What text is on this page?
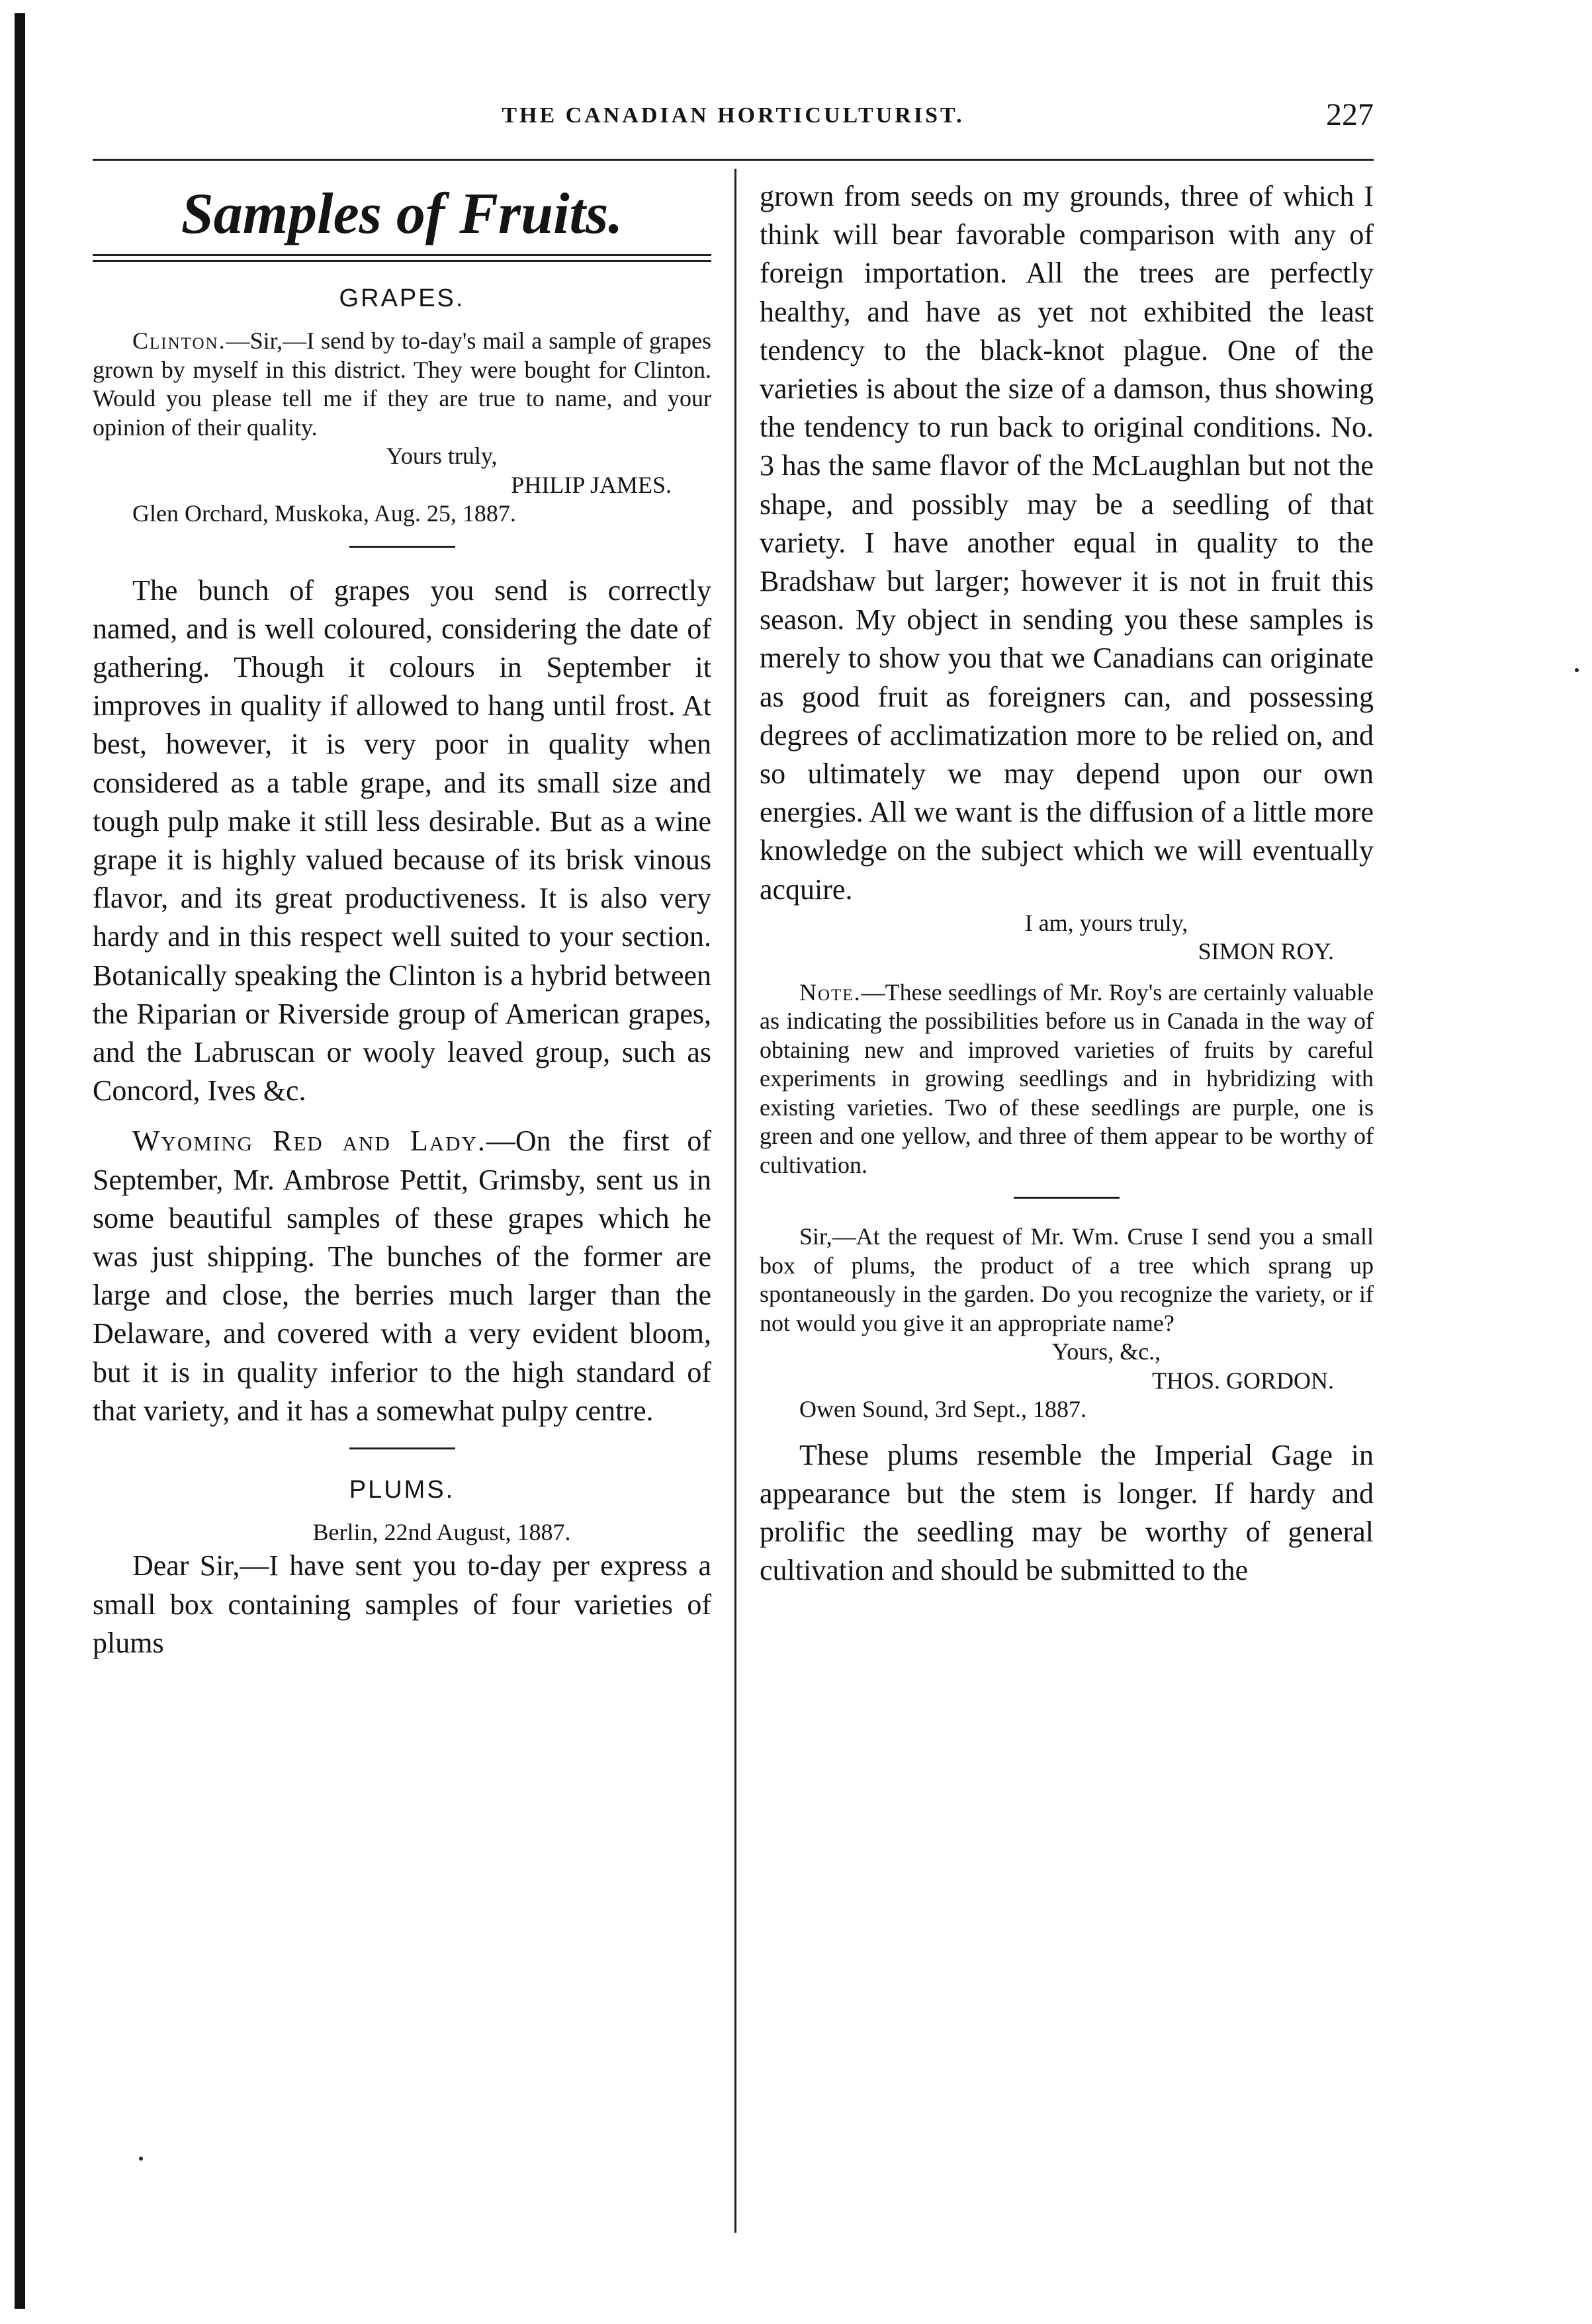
THE CANADIAN HORTICULTURIST.	227
Samples of Fruits.
GRAPES.

Clinton.—Sir,—I send by to-day's mail a sample of grapes grown by myself in this district. They were bought for Clinton. Would you please tell me if they are true to name, and your opinion of their quality.

Yours truly,

PHILIP JAMES.

Glen Orchard, Muskoka, Aug. 25, 1887.

The bunch of grapes you send is correctly named, and is well coloured, considering the date of gathering. Though it colours in September it improves in quality if allowed to hang until frost. At best, however, it is very poor in quality when considered as a table grape, and its small size and tough pulp make it still less desirable. But as a wine grape it is highly valued because of its brisk vinous flavor, and its great productiveness. It is also very hardy and in this respect well suited to your section. Botanically speaking the Clinton is a hybrid between the Riparian or Riverside group of American grapes, and the Labruscan or wooly leaved group, such as Concord, Ives &c.

Wyoming Red and Lady.—On the first of September, Mr. Ambrose Pettit, Grimsby, sent us in some beautiful samples of these grapes which he was just shipping. The bunches of the former are large and close, the berries much larger than the Delaware, and covered with a very evident bloom, but it is in quality inferior to the high standard of that variety, and it has a somewhat pulpy centre.

PLUMS.

Berlin, 22nd August, 1887.

Dear Sir,—I have sent you to-day per express a small box containing samples of four varieties of plums

grown from seeds on my grounds, three of which I think will bear favorable comparison with any of foreign importation. All the trees are perfectly healthy, and have as yet not exhibited the least tendency to the black-knot plague. One of the varieties is about the size of a damson, thus showing the tendency to run back to original conditions. No. 3 has the same flavor of the McLaughlan but not the shape, and possibly may be a seedling of that variety. I have another equal in quality to the Bradshaw but larger; however it is not in fruit this season. My object in sending you these samples is merely to show you that we Canadians can originate as good fruit as foreigners can, and possessing degrees of acclimatization more to be relied on, and so ultimately we may depend upon our own energies. All we want is the diffusion of a little more knowledge on the subject which we will eventually acquire.

I am, yours truly,

SIMON ROY.

Note.—These seedlings of Mr. Roy's are certainly valuable as indicating the possibilities before us in Canada in the way of obtaining new and improved varieties of fruits by careful experiments in growing seedlings and in hybridizing with existing varieties. Two of these seedlings are purple, one is green and one yellow, and three of them appear to be worthy of cultivation.

Sir,—At the request of Mr. Wm. Cruse I send you a small box of plums, the product of a tree which sprang up spontaneously in the garden. Do you recognize the variety, or if not would you give it an appropriate name?

Yours, &c.,

THOS. GORDON.

Owen Sound, 3rd Sept., 1887.

These plums resemble the Imperial Gage in appearance but the stem is longer. If hardy and prolific the seedling may be worthy of general cultivation and should be submitted to the
